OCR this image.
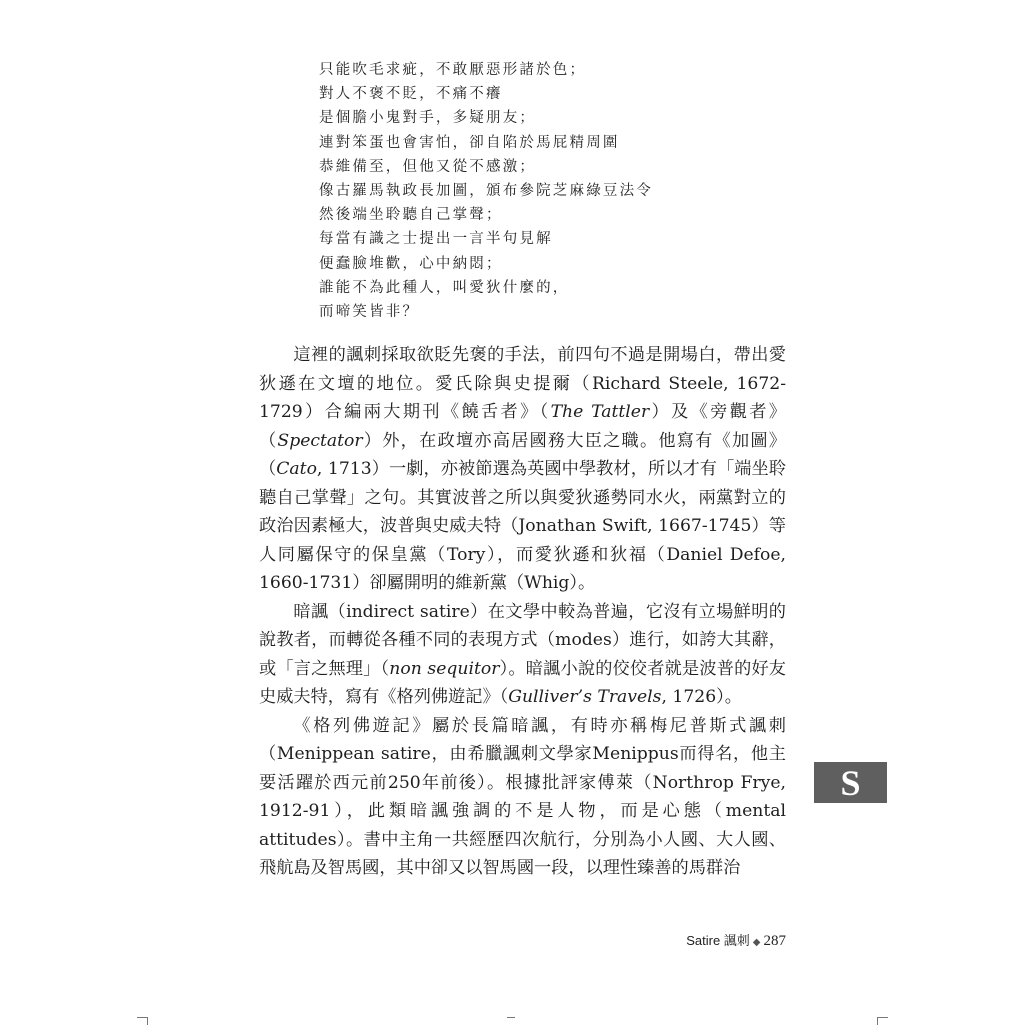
只能吹毛求疵，不敢厭惡形諸於色；
對人不褒不貶，不痛不癢
是個膽小鬼對手，多疑朋友；
連對笨蛋也會害怕，卻自陷於馬屁精周圍
恭維備至，但他又從不感激；
像古羅馬執政長加圖，頒布參院芝麻綠豆法令
然後端坐聆聽自己掌聲；
每當有識之士提出一言半句見解
便蠢臉堆歡，心中納悶；
誰能不為此種人，叫愛狄什麼的，
而啼笑皆非？

這裡的諷刺採取欲貶先褒的手法，前四句不過是開場白，帶出愛狄遜在文壇的地位。愛氏除與史提爾（Richard Steele, 1672-1729）合編兩大期刊《饒舌者》（The Tattler）及《旁觀者》（Spectator）外，在政壇亦高居國務大臣之職。他寫有《加圖》（Cato, 1713）一劇，亦被節選為英國中學教材，所以才有「端坐聆聽自己掌聲」之句。其實波普之所以與愛狄遜勢同水火，兩黨對立的政治因素極大，波普與史威夫特（Jonathan Swift, 1667-1745）等人同屬保守的保皇黨（Tory），而愛狄遜和狄福（Daniel Defoe, 1660-1731）卻屬開明的維新黨（Whig）。

暗諷（indirect satire）在文學中較為普遍，它沒有立場鮮明的說教者，而轉從各種不同的表現方式（modes）進行，如誇大其辭，或「言之無理」（non sequitor）。暗諷小說的佼佼者就是波普的好友史威夫特，寫有《格列佛遊記》（Gulliver’s Travels, 1726）。

《格列佛遊記》屬於長篇暗諷，有時亦稱梅尼普斯式諷刺（Menippean satire，由希臘諷刺文學家Menippus而得名，他主要活躍於西元前250年前後）。根據批評家傅萊（Northrop Frye, 1912-91），此類暗諷強調的不是人物，而是心態（mental attitudes）。書中主角一共經歷四次航行，分別為小人國、大人國、飛航島及智馬國，其中卻又以智馬國一段，以理性臻善的馬群治

S
Satire 諷刺 ◆ 287
